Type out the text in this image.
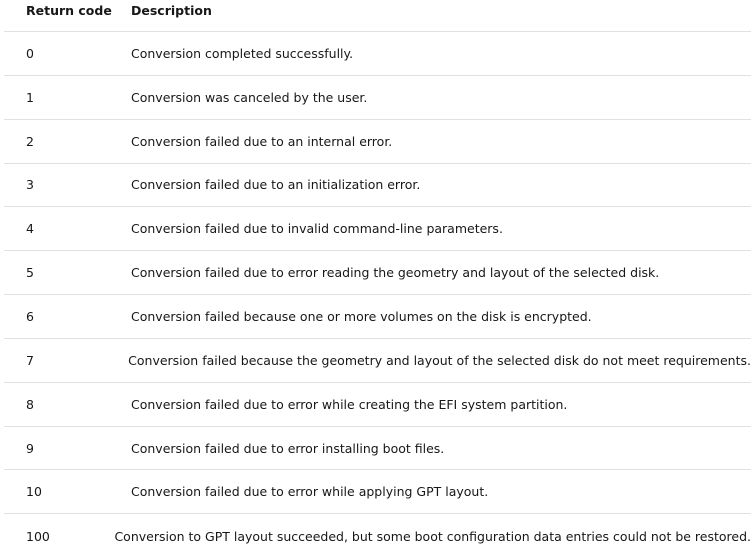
Return code	Description
0	Conversion completed successfully.
1	Conversion was canceled by the user.
2	Conversion failed due to an internal error.
3	Conversion failed due to an initialization error.
4	Conversion failed due to invalid command-line parameters.
5	Conversion failed due to error reading the geometry and layout of the selected disk.
6	Conversion failed because one or more volumes on the disk is encrypted.
7	Conversion failed because the geometry and layout of the selected disk do not meet requirements.
8	Conversion failed due to error while creating the EFI system partition.
9	Conversion failed due to error installing boot files.
10	Conversion failed due to error while applying GPT layout.
100	Conversion to GPT layout succeeded, but some boot configuration data entries could not be restored.
